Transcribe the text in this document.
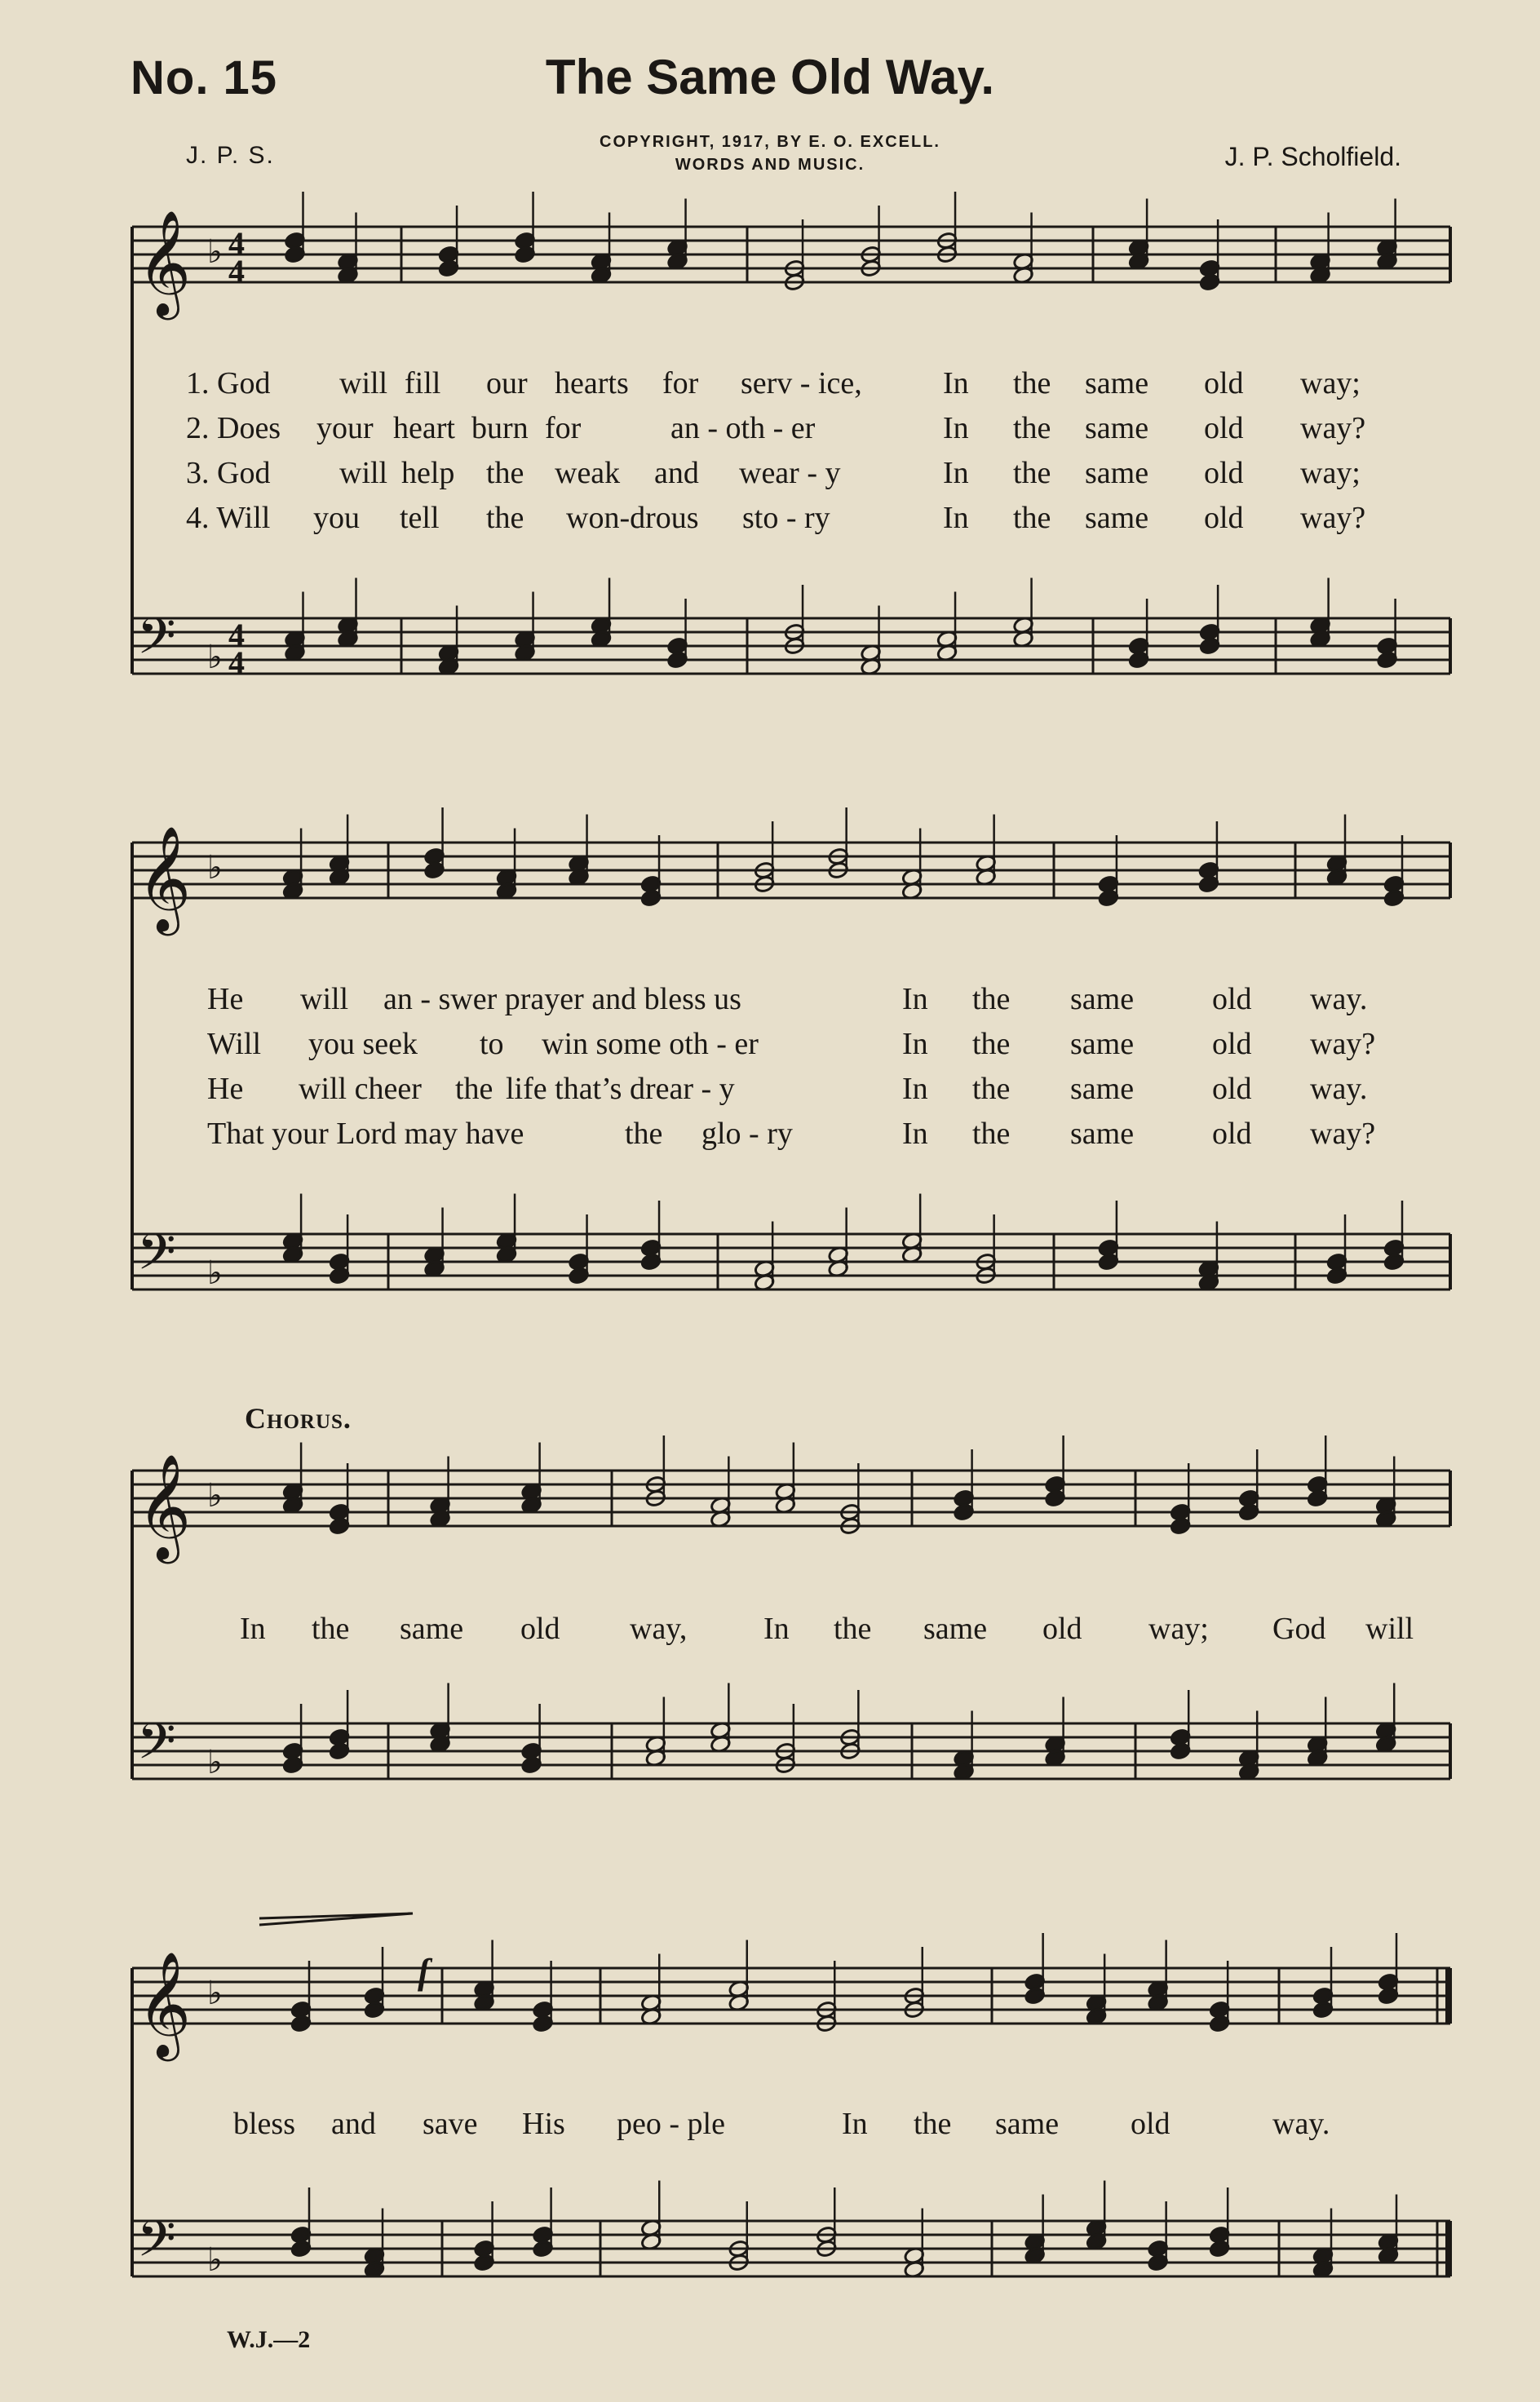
No. 15	The Same Old Way.
J. P. S.	COPYRIGHT, 1917, BY E. O. EXCELL.
WORDS AND MUSIC.	J. P. Scholfield.
𝄞 ♭
𝄢 ♭
4
4
4
4
𝄞 ♭
𝄢 ♭
𝄞 ♭
𝄢 ♭
𝄞 ♭
𝄢 ♭
f
1. God will fill our hearts for serv - ice,	In the same old way;
2. Does your heart burn for	an - oth - er	In the same old way?
3. God will help the weak and wear - y	In the same old way;
4. Will you tell the won-drous sto - ry	In the same old way?
He will an - swer prayer and bless us	In the same	old way.
Will you seek to win some oth - er	In the same	old way?
He will cheer the life that’s drear - y	In the same	old way.
That your Lord may have	the glo - ry	In the same	old way?
Chorus.
In the same old way, In the same old way; God will
bless and save His peo - ple	In the same old	way.
W.J.—2
